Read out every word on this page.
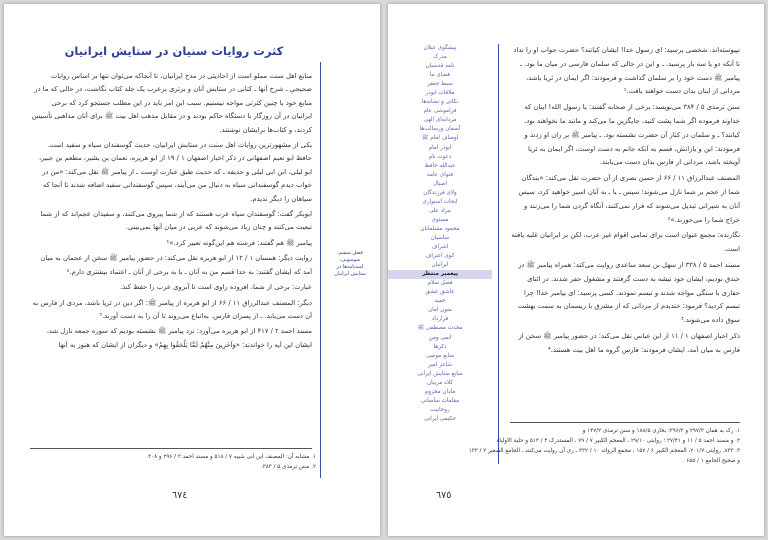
کثرت روایات سنیان در ستایش ایرانیان

منابع اهل سنت مملو است از احادیثی در مدح ایرانیان، تا آنجاکه می‌توان تنها بر اساس روایات صحیحیِ ـ شرح آنها ـ کتابی در ستایش آنان و برتری برعرب یک جلد کتاب نگاشت، در حالی که ما در منابع خود با چنین کثرتی مواجه نیستیم. سبب این امر باید در این مطلب جستجو کرد که برخی ایرانیان در آن روزگار با دستگاه حاکم بودند و در مقابل مذهب اهل بیت ﷺ برای آنان مذاهبی تأسیس کردند، و کتاب‌ها برایشان نوشتند.

یکی از مشهورترین روایات اهل سنت در ستایش ایرانیان، حدیث گوسفندان سیاه و سفید است. حافظ ابو نعیم اصفهانی در ذکر اخبار اصفهان ۱ / ۱۹ از ابو هریره، نعمان بن بشیر، مطعم بن جبیر، ابو لیلی، ابن ابی لیلی و حذیفه ـ که حدیث طبق عبارت اوست ـ از پیامبر ﷺ نقل می‌کند: «من در خواب دیدم گوسفندانی سیاه به دنبال من می‌آیند، سپس گوسفندانی سفید اضافه شدند تا آنجا که سیاهان را دیگر ندیدم.

ابوبکر گفت: گوسفندان سیاه عرب هستند که از شما پیروی می‌کنند، و سفیدان عجم‌اند که از شما تبعیت می‌کنند و چنان زیاد می‌شوند که عربی در میان آنها نمی‌بینی.

پیامبر ﷺ هم گفتند: فرشته هم این‌گونه تعبیر کرد.»¹

روایت دیگر: همسان ۱ / ۱۲ از ابو هریره نقل می‌کند: در حضور پیامبر ﷺ سخن از عجمان به میان آمد که ایشان گفتند: به خدا قسم من به آنان ـ یا به برخی از آنان ـ اعتماد بیشتری دارم.²

عبارت: برخی از شما، افزوده راوی است تا آبروی عرب را حفظ کند.

دیگر: المصنف عبدالرزاق ۱۱ / ۶۶ از ابو هریره از پیامبر ﷺ: اگر دین در ثریا باشد، مردی از فارس به آن دست می‌یابد. ـ از پسران فارس. به‌اتباع می‌روند تا آن را به دست آورند.³

مسند احمد ۲ / ۴۱۷ از ابو هریره می‌آورد: نزد پیامبر ﷺ نشسته بودیم که سوره جمعه نازل شد، ایشان این آیه را خواندند: «وَآخَرِينَ مِنْهُمْ لَمَّا يَلْحَقُوا بِهِمْ» و دیگران از ایشان که هنوز به آنها

فصل ششم: سو‌منونی، اسدنامه‌ها در ستایش ایرانیان
۱. مشابه آن: المصنف ابن ابی شیبه ۷ / ۵۱۸ و مسند احمد ۲ / ۲۹۶ و ۳۰۸.
۲. سنن ترمذی ۵ / ۳۸۳.
٦٧٤
پیشگوی عیلان
مدرک
نامه قدسیان
فضای ما
سبط جعفر
ملاقات ابوذر
نکاتی و نشانه‌ها
فراموشی عام
مردانه‌ای الهی
آسمان ورسالت‌ها
اوصاف امام ﷺ
ابوذر امام
دعوت نام
عبدالله حافظ
فتوای عامه
اصیال
ولای فرزندگان
ابحات استواری
مراد علی
مستوی
محمود مسلمانان
ساسیان
اشراف
کوی اعتراف
ایرانیان
پیغمبر منتظر
فصل سلام
عاشق عشق
حمید
متون امان
قرارداد
محدث مصطفی ﷺ
انمی ومن
ذکرها
منابع موصی
شاعر امیر
منابع ستایش ایرانی
کلاه مربیان
مادان مخزوم
مقامات ساسانی
روحانیت
حکیمی ایرانی

نپیوسته‌اند. شخصی پرسید: ای رسول خدا! ایشان کیانند؟ حضرت جواب او را نداد تا آنکه دو یا سه بار پرسید. ـ و این در حالی که سلمان فارسی در میان ما بود. ـ پیامبر ﷺ دست خود را بر سلمان گذاشت و فرمودند: اگر ایمان در ثریا باشد، مردانی از اینان بدان دست خواهند یافت.¹

سنن ترمذی ۵ / ۳۸۴ می‌نویسد: برخی از صحابه گفتند: یا رسول الله! اینان که خداوند فرموده اگر شما پشت کنید، جایگزین ما می‌کند و مانند ما نخواهند بود، کیانند؟ ـ و سلمان در کنار آن حضرت نشسته بود. ـ پیامبر ﷺ بر ران او زدند و فرمودند: این و یارانش، قسم به آنکه جانم به دست اوست، اگر ایمان به ثریا آویخته باشد، مردانی از فارس بدان دست می‌یابند.

المصنف عبدالرزاق ۱۱ / ۶۶ از حسن بصری از آن حضرت نقل می‌کند: «بندگان شما از عجم بر شما نازل می‌شوند؛ سپس ـ یا ـ به آنان اسیر خواهید کرد، سپس آنان به شیرانی تبدیل می‌شوند که فرار نمی‌کنند، آنگاه گردن شما را می‌زنند و خراج شما را می‌خورند.»²

نگارنده: مجمع عنوان است برای تمامی اقوام غیر عرب، لکن بر ایرانیان غلبه یافته است.

مسند احمد ۵ / ۳۳۸ از سهل بن سعد ساعدی روایت می‌کند: همراه پیامبر ﷺ در خندق بودیم، ایشان خود نیشه به دست گرفتند و مشغول حفر شدند. در اثنای حفاری با سنگی مواجه شدند و تبسم نمودند. کسی پرسید: ای پیامبر خدا! چرا تبسم کردید؟ فرمود: خندیدم از مردانی که از مشرق با ریسمان به سمت بهشت سوق داده می‌شوند.³

ذکر اخبار اصفهان ۱ / ۱۱ از ابن عباس نقل می‌کند: در حضور پیامبر ﷺ سخن از فارس به میان آمد، ایشان فرمودند: فارس گروه ما اهل بیت هستند.⁴

۱. رک به همان ۲۹۷/۲ و ۲۹۶/۲؛ بخاری ۱۸۸/۵ و سنن ترمذی ۱۴۷/۲ و
۲. و مسند احمد ۵ / ۱۱ و ۲۷/۴۱ ؛ روایتی ۲۹/۱۰ ، المعجم الکبیر ۷ / ۷۹ ، المستدرک ۴ / ۵۱۲ و حلیة الاولیاء
۳. ۸۳۳. روایتی ۲۰۱/۷، المعجم الکبیر ۶ / ۱۵۷ ، مجمع الزوائد ۱۰ / ۳۳۲ ـ ری آن روایت می‌کنند ـ الجامع الصغیر ۲ / ۱۳۳
و صحیح الجامع ۱ / ۶۵۵ .
٦٧٥
